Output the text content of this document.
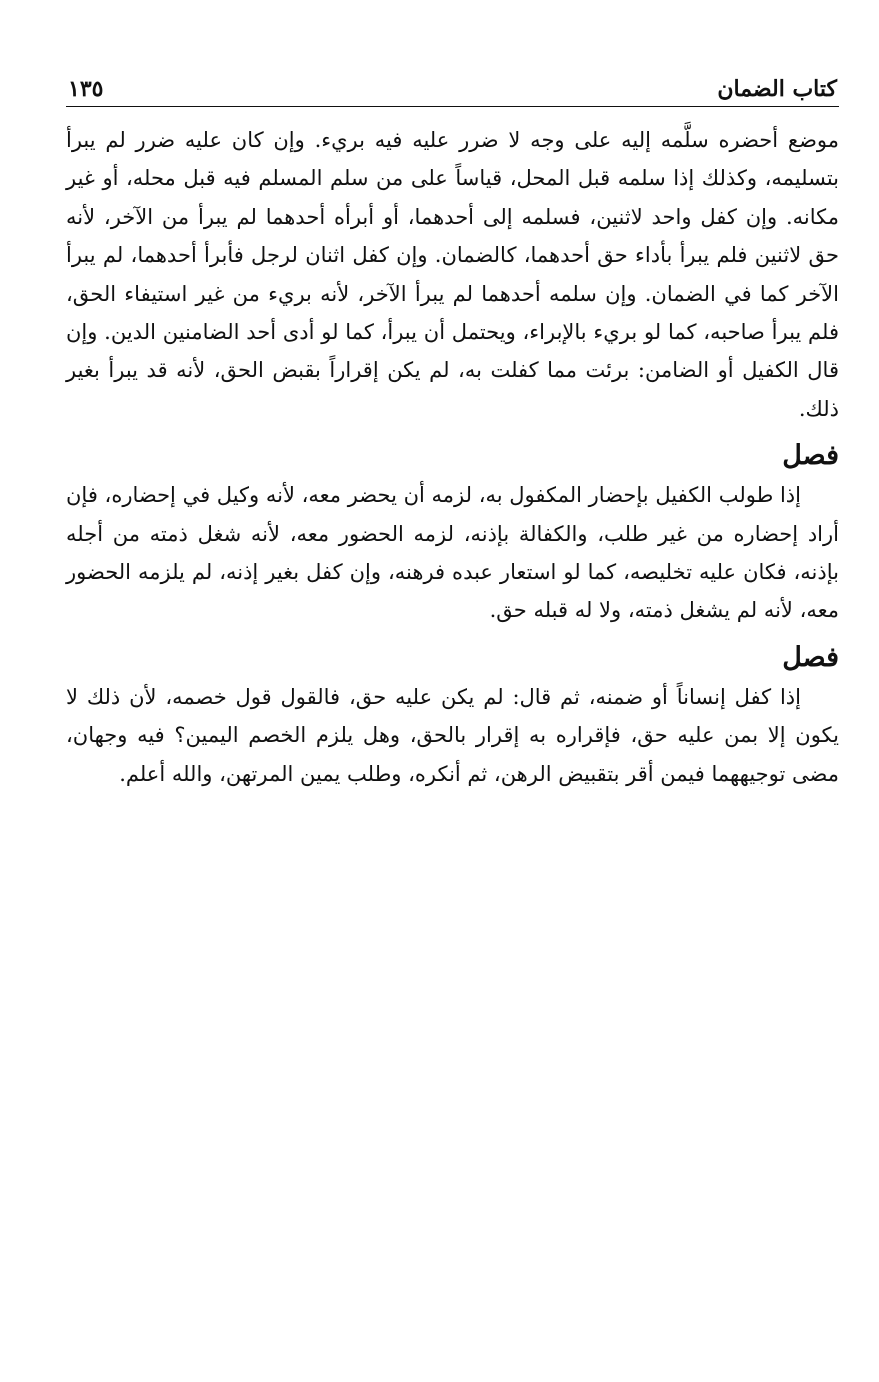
كتاب الضمان
١٣٥

موضع أحضره سلَّمه إليه على وجه لا ضرر عليه فيه بريء. وإن كان عليه ضرر لم يبرأ بتسليمه، وكذلك إذا سلمه قبل المحل، قياساً على من سلم المسلم فيه قبل محله، أو غير مكانه. وإن كفل واحد لاثنين، فسلمه إلى أحدهما، أو أبرأه أحدهما لم يبرأ من الآخر، لأنه حق لاثنين فلم يبرأ بأداء حق أحدهما، كالضمان. وإن كفل اثنان لرجل فأبرأ أحدهما، لم يبرأ الآخر كما في الضمان. وإن سلمه أحدهما لم يبرأ الآخر، لأنه بريء من غير استيفاء الحق، فلم يبرأ صاحبه، كما لو بريء بالإبراء، ويحتمل أن يبرأ، كما لو أدى أحد الضامنين الدين. وإن قال الكفيل أو الضامن: برئت مما كفلت به، لم يكن إقراراً بقبض الحق، لأنه قد يبرأ بغير ذلك.

فصل

إذا طولب الكفيل بإحضار المكفول به، لزمه أن يحضر معه، لأنه وكيل في إحضاره، فإن أراد إحضاره من غير طلب، والكفالة بإذنه، لزمه الحضور معه، لأنه شغل ذمته من أجله بإذنه، فكان عليه تخليصه، كما لو استعار عبده فرهنه، وإن كفل بغير إذنه، لم يلزمه الحضور معه، لأنه لم يشغل ذمته، ولا له قبله حق.

فصل

إذا كفل إنساناً أو ضمنه، ثم قال: لم يكن عليه حق، فالقول قول خصمه، لأن ذلك لا يكون إلا بمن عليه حق، فإقراره به إقرار بالحق، وهل يلزم الخصم اليمين؟ فيه وجهان، مضى توجيههما فيمن أقر بتقبيض الرهن، ثم أنكره، وطلب يمين المرتهن، والله أعلم.
